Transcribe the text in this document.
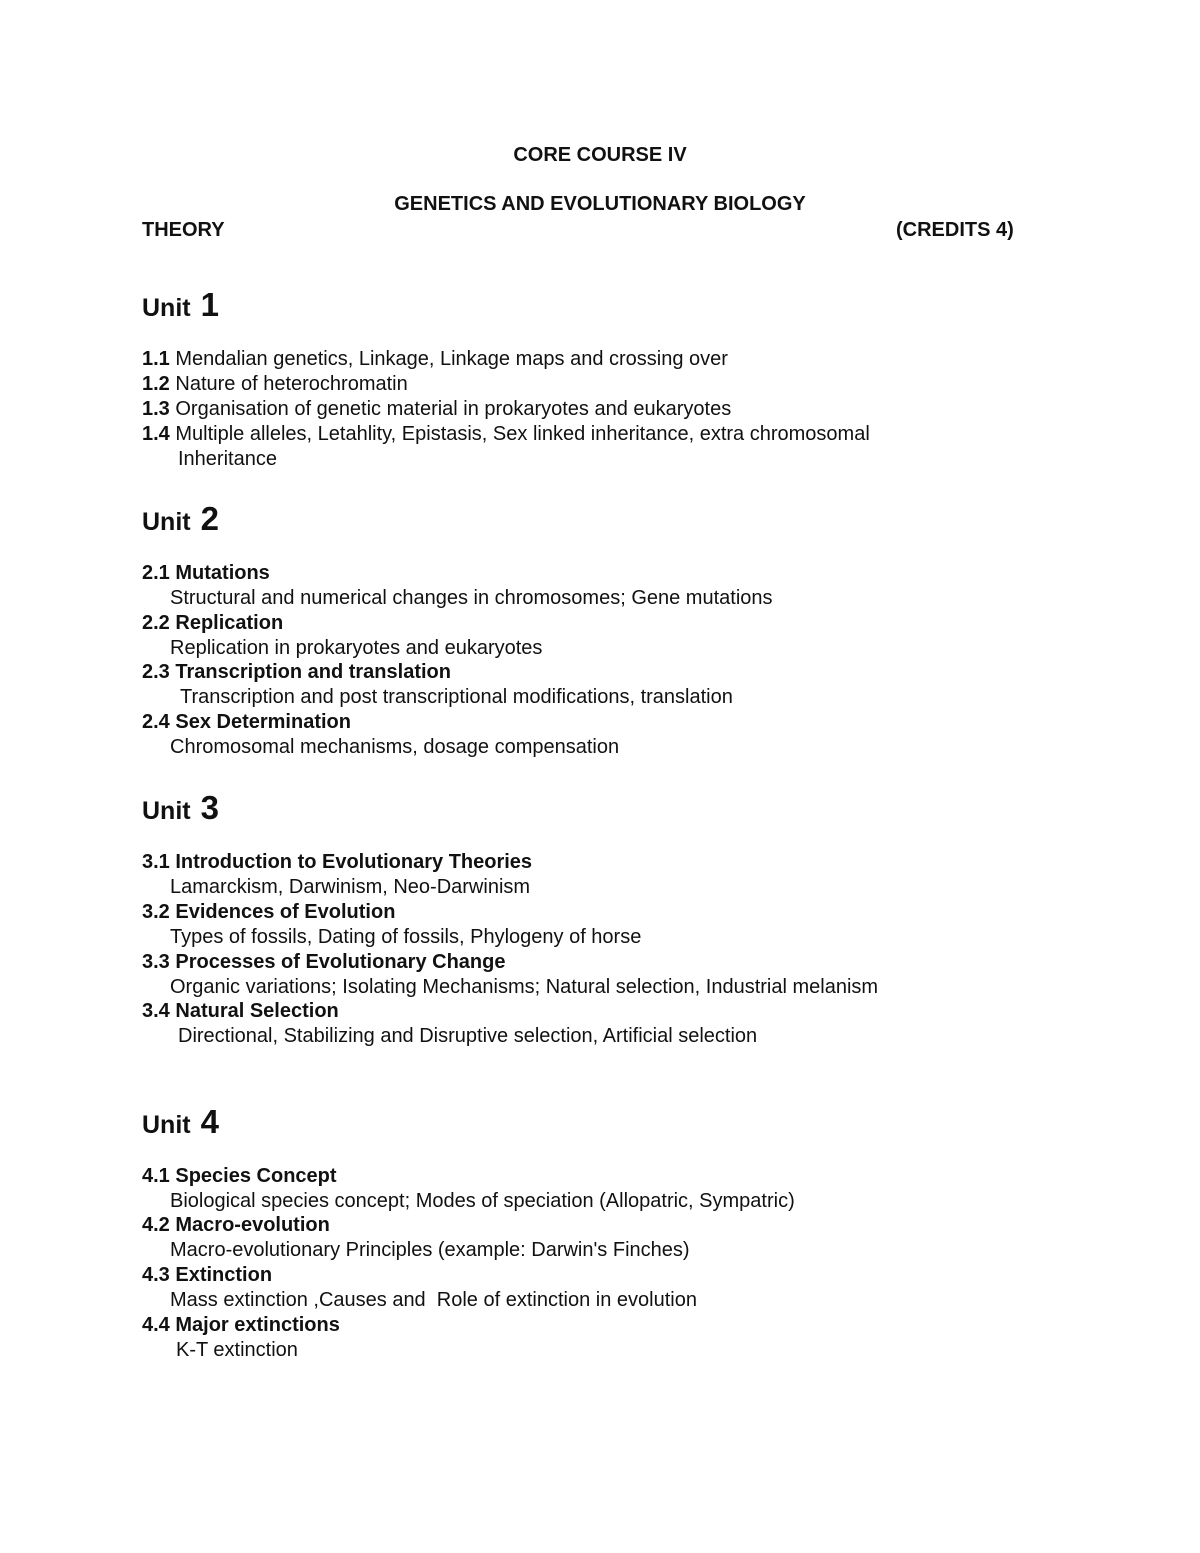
CORE COURSE IV
GENETICS AND EVOLUTIONARY BIOLOGY
THEORY	(CREDITS 4)
Unit 1
1.1 Mendalian genetics, Linkage, Linkage maps and crossing over
1.2 Nature of heterochromatin
1.3 Organisation of genetic material in prokaryotes and eukaryotes
1.4 Multiple alleles, Letahlity, Epistasis, Sex linked inheritance, extra chromosomal
Inheritance
Unit 2
2.1 Mutations
Structural and numerical changes in chromosomes; Gene mutations
2.2 Replication
Replication in prokaryotes and eukaryotes
2.3 Transcription and translation
Transcription and post transcriptional modifications, translation
2.4 Sex Determination
Chromosomal mechanisms, dosage compensation
Unit 3
3.1 Introduction to Evolutionary Theories
Lamarckism, Darwinism, Neo-Darwinism
3.2 Evidences of Evolution
Types of fossils, Dating of fossils, Phylogeny of horse
3.3 Processes of Evolutionary Change
Organic variations; Isolating Mechanisms; Natural selection, Industrial melanism
3.4 Natural Selection
Directional, Stabilizing and Disruptive selection, Artificial selection
Unit 4
4.1 Species Concept
Biological species concept; Modes of speciation (Allopatric, Sympatric)
4.2 Macro-evolution
Macro-evolutionary Principles (example: Darwin's Finches)
4.3 Extinction
Mass extinction ,Causes and  Role of extinction in evolution
4.4 Major extinctions
K-T extinction
